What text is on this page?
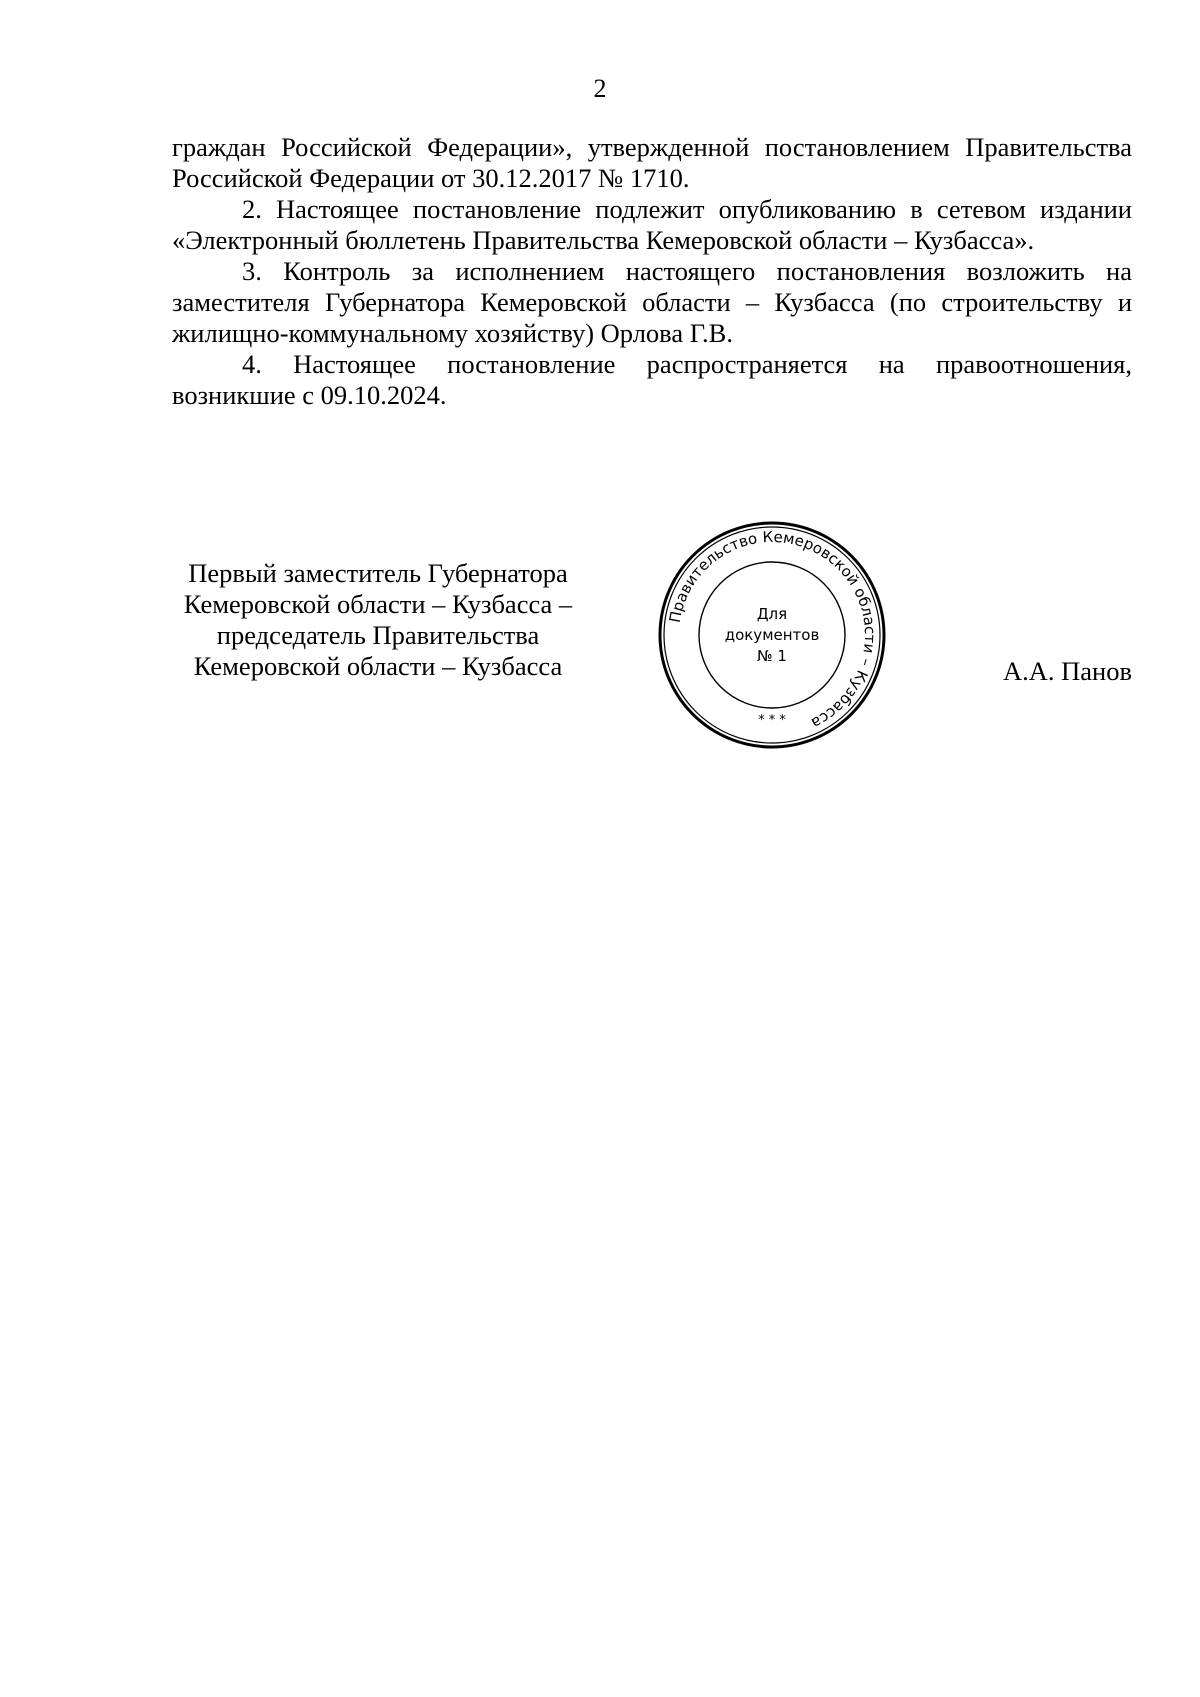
2

граждан Российской Федерации», утвержденной постановлением Правительства Российской Федерации от 30.12.2017 № 1710.

2. Настоящее постановление подлежит опубликованию в сетевом издании «Электронный бюллетень Правительства Кемеровской области – Кузбасса».

3. Контроль за исполнением настоящего постановления возложить на заместителя Губернатора Кемеровской области – Кузбасса (по строительству и жилищно-коммунальному хозяйству) Орлова Г.В.

4. Настоящее постановление распространяется на правоотношения, возникшие с 09.10.2024.

Первый заместитель Губернатора
Кемеровской области – Кузбасса –
председатель Правительства
Кемеровской области – Кузбасса
Правительство Кемеровской области – Кузбасса
Для
документов
№ 1
* * *
А.А. Панов
